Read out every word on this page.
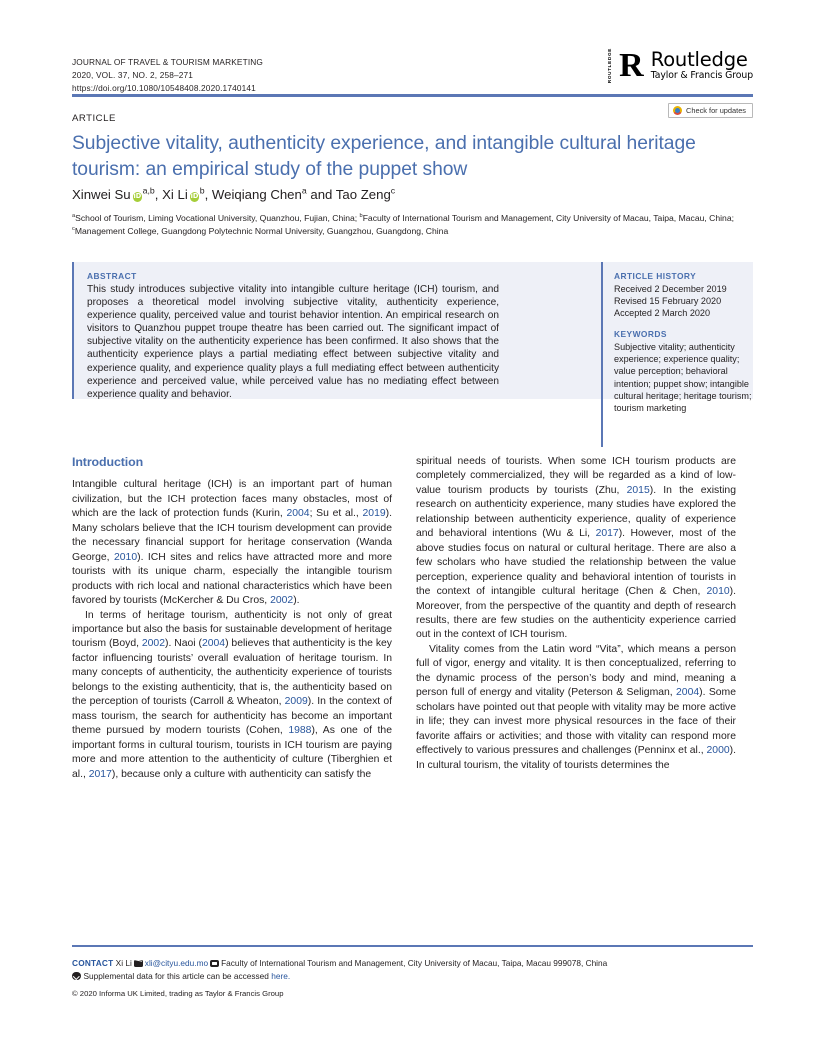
JOURNAL OF TRAVEL & TOURISM MARKETING
2020, VOL. 37, NO. 2, 258–271
https://doi.org/10.1080/10548408.2020.1740141
ROUTLEDGE R Routledge
Taylor & Francis Group
Check for updates
ARTICLE
Subjective vitality, authenticity experience, and intangible cultural heritage tourism: an empirical study of the puppet show
Xinwei Su iD$^{a,b}$, Xi Li $iD^b$, Weiqiang Chen$^a$ and Tao Zeng$^c$
$^a$School of Tourism, Liming Vocational University, Quanzhou, Fujian, China; $^b$Faculty of International Tourism and Management, City University of Macau, Taipa, Macau, China; $^c$Management College, Guangdong Polytechnic Normal University, Guangzhou, Guangdong, China
ABSTRACT
This study introduces subjective vitality into intangible culture heritage (ICH) tourism, and proposes a theoretical model involving subjective vitality, authenticity experience, experience quality, perceived value and tourist behavior intention. An empirical research on visitors to Quanzhou puppet troupe theatre has been carried out. The significant impact of subjective vitality on the authenticity experience has been confirmed. It also shows that the authenticity experience plays a partial mediating effect between subjective vitality and experience quality, and experience quality plays a full mediating effect between authenticity experience and perceived value, while perceived value has no mediating effect between experience quality and behavior.
ARTICLE HISTORY
Received 2 December 2019
Revised 15 February 2020
Accepted 2 March 2020
KEYWORDS
Subjective vitality; authenticity experience; experience quality; value perception; behavioral intention; puppet show; intangible cultural heritage; heritage tourism; tourism marketing
Introduction

Intangible cultural heritage (ICH) is an important part of human civilization, but the ICH protection faces many obstacles, most of which are the lack of protection funds (Kurin, 2004; Su et al., 2019). Many scholars believe that the ICH tourism development can provide the necessary financial support for heritage conservation (Wanda George, 2010). ICH sites and relics have attracted more and more tourists with its unique charm, especially the intangible tourism products with rich local and national characteristics which have been favored by tourists (McKercher & Du Cros, 2002).

In terms of heritage tourism, authenticity is not only of great importance but also the basis for sustainable development of heritage tourism (Boyd, 2002). Naoi (2004) believes that authenticity is the key factor influencing tourists’ overall evaluation of heritage tourism. In many concepts of authenticity, the authenticity experience of tourists belongs to the existing authenticity, that is, the authenticity based on the perception of tourists (Carroll & Wheaton, 2009). In the context of mass tourism, the search for authenticity has become an important theme pursued by modern tourists (Cohen, 1988), As one of the important forms in cultural tourism, tourists in ICH tourism are paying more and more attention to the authenticity of culture (Tiberghien et al., 2017), because only a culture with authenticity can satisfy the

spiritual needs of tourists. When some ICH tourism products are completely commercialized, they will be regarded as a kind of low-value tourism products by tourists (Zhu, 2015). In the existing research on authenticity experience, many studies have explored the relationship between authenticity experience, quality of experience and behavioral intentions (Wu & Li, 2017). However, most of the above studies focus on natural or cultural heritage. There are also a few scholars who have studied the relationship between the value perception, experience quality and behavioral intention of tourists in the context of intangible cultural heritage (Chen & Chen, 2010). Moreover, from the perspective of the quantity and depth of research results, there are few studies on the authenticity experience carried out in the context of ICH tourism.

Vitality comes from the Latin word “Vita”, which means a person full of vigor, energy and vitality. It is then conceptualized, referring to the dynamic process of the person’s body and mind, meaning a person full of energy and vitality (Peterson & Seligman, 2004). Some scholars have pointed out that people with vitality may be more active in life; they can invest more physical resources in the face of their favorite affairs or activities; and those with vitality can respond more effectively to various pressures and challenges (Penninx et al., 2000). In cultural tourism, the vitality of tourists determines the

CONTACT Xi Li xli@cityu.edu.mo Faculty of International Tourism and Management, City University of Macau, Taipa, Macau 999078, China
Supplemental data for this article can be accessed here.
© 2020 Informa UK Limited, trading as Taylor & Francis Group
